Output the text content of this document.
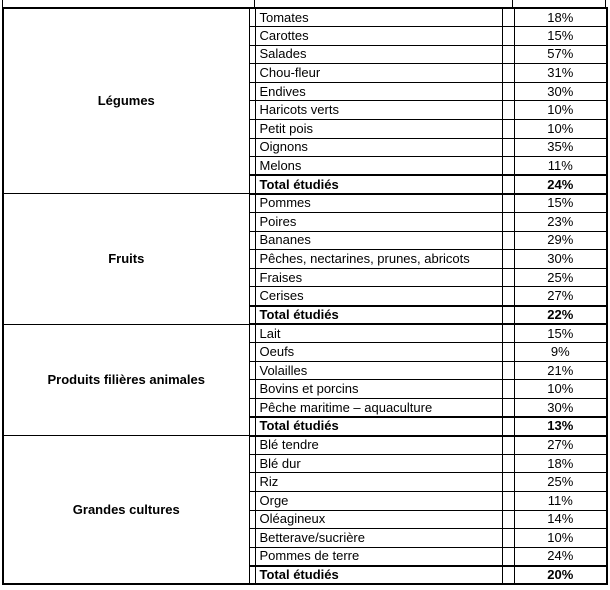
Légumes		Tomates		18%
		Carottes		15%
		Salades		57%
		Chou-fleur		31%
		Endives		30%
		Haricots verts		10%
		Petit pois		10%
		Oignons		35%
		Melons		11%
		Total étudiés		24%
Fruits		Pommes		15%
		Poires		23%
		Bananes		29%
		Pêches, nectarines, prunes, abricots		30%
		Fraises		25%
		Cerises		27%
		Total étudiés		22%
Produits filières animales		Lait		15%
		Oeufs		9%
		Volailles		21%
		Bovins et porcins		10%
		Pêche maritime – aquaculture		30%
		Total étudiés		13%
Grandes cultures		Blé tendre		27%
		Blé dur		18%
		Riz		25%
		Orge		11%
		Oléagineux		14%
		Betterave/sucrière		10%
		Pommes de terre		24%
		Total étudiés		20%
